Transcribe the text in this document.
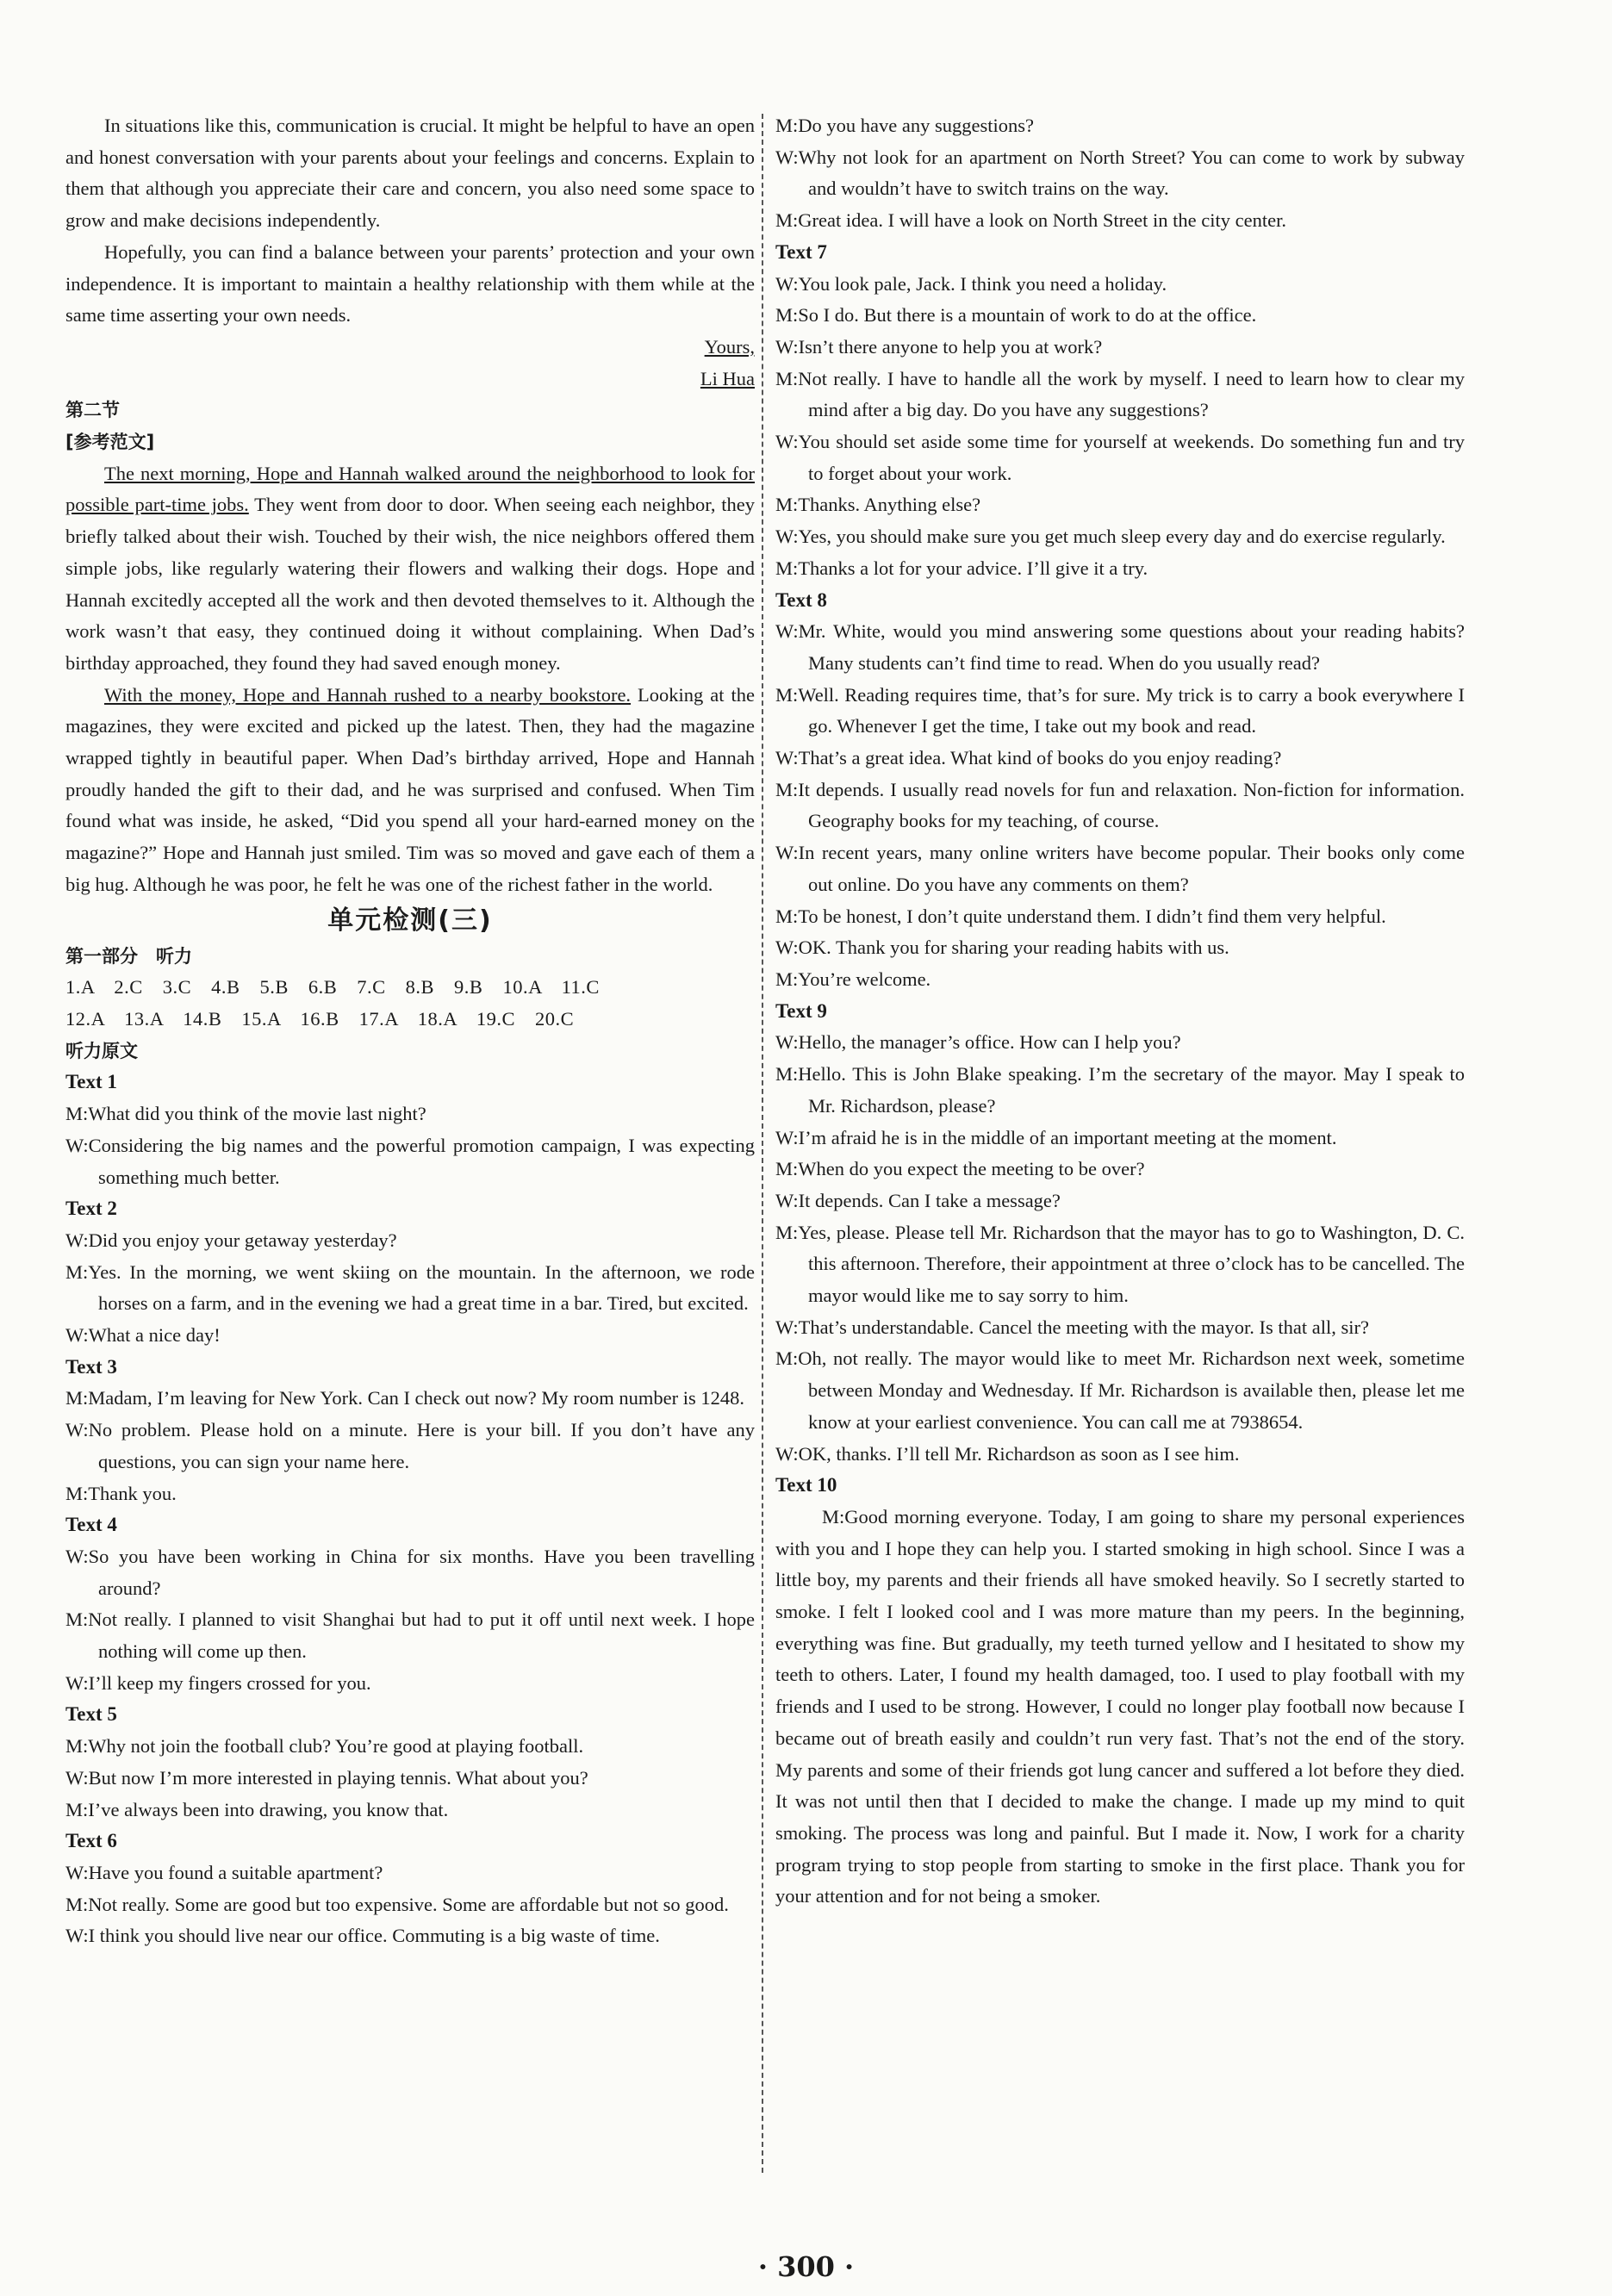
In situations like this, communication is crucial. It might be helpful to have an open and honest conversation with your parents about your feelings and concerns. Explain to them that although you appreciate their care and concern, you also need some space to grow and make decisions independently.

Hopefully, you can find a balance between your parents’ protection and your own independence. It is important to maintain a healthy relationship with them while at the same time asserting your own needs.

Yours,

Li Hua

第二节

[参考范文]

The next morning, Hope and Hannah walked around the neighborhood to look for possible part-time jobs. They went from door to door. When seeing each neighbor, they briefly talked about their wish. Touched by their wish, the nice neighbors offered them simple jobs, like regularly watering their flowers and walking their dogs. Hope and Hannah excitedly accepted all the work and then devoted themselves to it. Although the work wasn’t that easy, they continued doing it without complaining. When Dad’s birthday approached, they found they had saved enough money.

With the money, Hope and Hannah rushed to a nearby bookstore. Looking at the magazines, they were excited and picked up the latest. Then, they had the magazine wrapped tightly in beautiful paper. When Dad’s birthday arrived, Hope and Hannah proudly handed the gift to their dad, and he was surprised and confused. When Tim found what was inside, he asked, “Did you spend all your hard-earned money on the magazine?” Hope and Hannah just smiled. Tim was so moved and gave each of them a big hug. Although he was poor, he felt he was one of the richest father in the world.

单元检测(三)

第一部分　听力

1.A　2.C　3.C　4.B　5.B　6.B　7.C　8.B　9.B　10.A　11.C

12.A　13.A　14.B　15.A　16.B　17.A　18.A　19.C　20.C

听力原文

Text 1

M:What did you think of the movie last night?

W:Considering the big names and the powerful promotion campaign, I was expecting something much better.

Text 2

W:Did you enjoy your getaway yesterday?

M:Yes. In the morning, we went skiing on the mountain. In the afternoon, we rode horses on a farm, and in the evening we had a great time in a bar. Tired, but excited.

W:What a nice day!

Text 3

M:Madam, I’m leaving for New York. Can I check out now? My room number is 1248.

W:No problem. Please hold on a minute. Here is your bill. If you don’t have any questions, you can sign your name here.

M:Thank you.

Text 4

W:So you have been working in China for six months. Have you been travelling around?

M:Not really. I planned to visit Shanghai but had to put it off until next week. I hope nothing will come up then.

W:I’ll keep my fingers crossed for you.

Text 5

M:Why not join the football club? You’re good at playing football.

W:But now I’m more interested in playing tennis. What about you?

M:I’ve always been into drawing, you know that.

Text 6

W:Have you found a suitable apartment?

M:Not really. Some are good but too expensive. Some are affordable but not so good.

W:I think you should live near our office. Commuting is a big waste of time.

M:Do you have any suggestions?

W:Why not look for an apartment on North Street? You can come to work by subway and wouldn’t have to switch trains on the way.

M:Great idea. I will have a look on North Street in the city center.

Text 7

W:You look pale, Jack. I think you need a holiday.

M:So I do. But there is a mountain of work to do at the office.

W:Isn’t there anyone to help you at work?

M:Not really. I have to handle all the work by myself. I need to learn how to clear my mind after a big day. Do you have any suggestions?

W:You should set aside some time for yourself at weekends. Do something fun and try to forget about your work.

M:Thanks. Anything else?

W:Yes, you should make sure you get much sleep every day and do exercise regularly.

M:Thanks a lot for your advice. I’ll give it a try.

Text 8

W:Mr. White, would you mind answering some questions about your reading habits? Many students can’t find time to read. When do you usually read?

M:Well. Reading requires time, that’s for sure. My trick is to carry a book everywhere I go. Whenever I get the time, I take out my book and read.

W:That’s a great idea. What kind of books do you enjoy reading?

M:It depends. I usually read novels for fun and relaxation. Non-fiction for information. Geography books for my teaching, of course.

W:In recent years, many online writers have become popular. Their books only come out online. Do you have any comments on them?

M:To be honest, I don’t quite understand them. I didn’t find them very helpful.

W:OK. Thank you for sharing your reading habits with us.

M:You’re welcome.

Text 9

W:Hello, the manager’s office. How can I help you?

M:Hello. This is John Blake speaking. I’m the secretary of the mayor. May I speak to Mr. Richardson, please?

W:I’m afraid he is in the middle of an important meeting at the moment.

M:When do you expect the meeting to be over?

W:It depends. Can I take a message?

M:Yes, please. Please tell Mr. Richardson that the mayor has to go to Washington, D. C. this afternoon. Therefore, their appointment at three o’clock has to be cancelled. The mayor would like me to say sorry to him.

W:That’s understandable. Cancel the meeting with the mayor. Is that all, sir?

M:Oh, not really. The mayor would like to meet Mr. Richardson next week, sometime between Monday and Wednesday. If Mr. Richardson is available then, please let me know at your earliest convenience. You can call me at 7938654.

W:OK, thanks. I’ll tell Mr. Richardson as soon as I see him.

Text 10

M:Good morning everyone. Today, I am going to share my personal experiences with you and I hope they can help you. I started smoking in high school. Since I was a little boy, my parents and their friends all have smoked heavily. So I secretly started to smoke. I felt I looked cool and I was more mature than my peers. In the beginning, everything was fine. But gradually, my teeth turned yellow and I hesitated to show my teeth to others. Later, I found my health damaged, too. I used to play football with my friends and I used to be strong. However, I could no longer play football now because I became out of breath easily and couldn’t run very fast. That’s not the end of the story. My parents and some of their friends got lung cancer and suffered a lot before they died. It was not until then that I decided to make the change. I made up my mind to quit smoking. The process was long and painful. But I made it. Now, I work for a charity program trying to stop people from starting to smoke in the first place. Thank you for your attention and for not being a smoker.

· 300 ·
